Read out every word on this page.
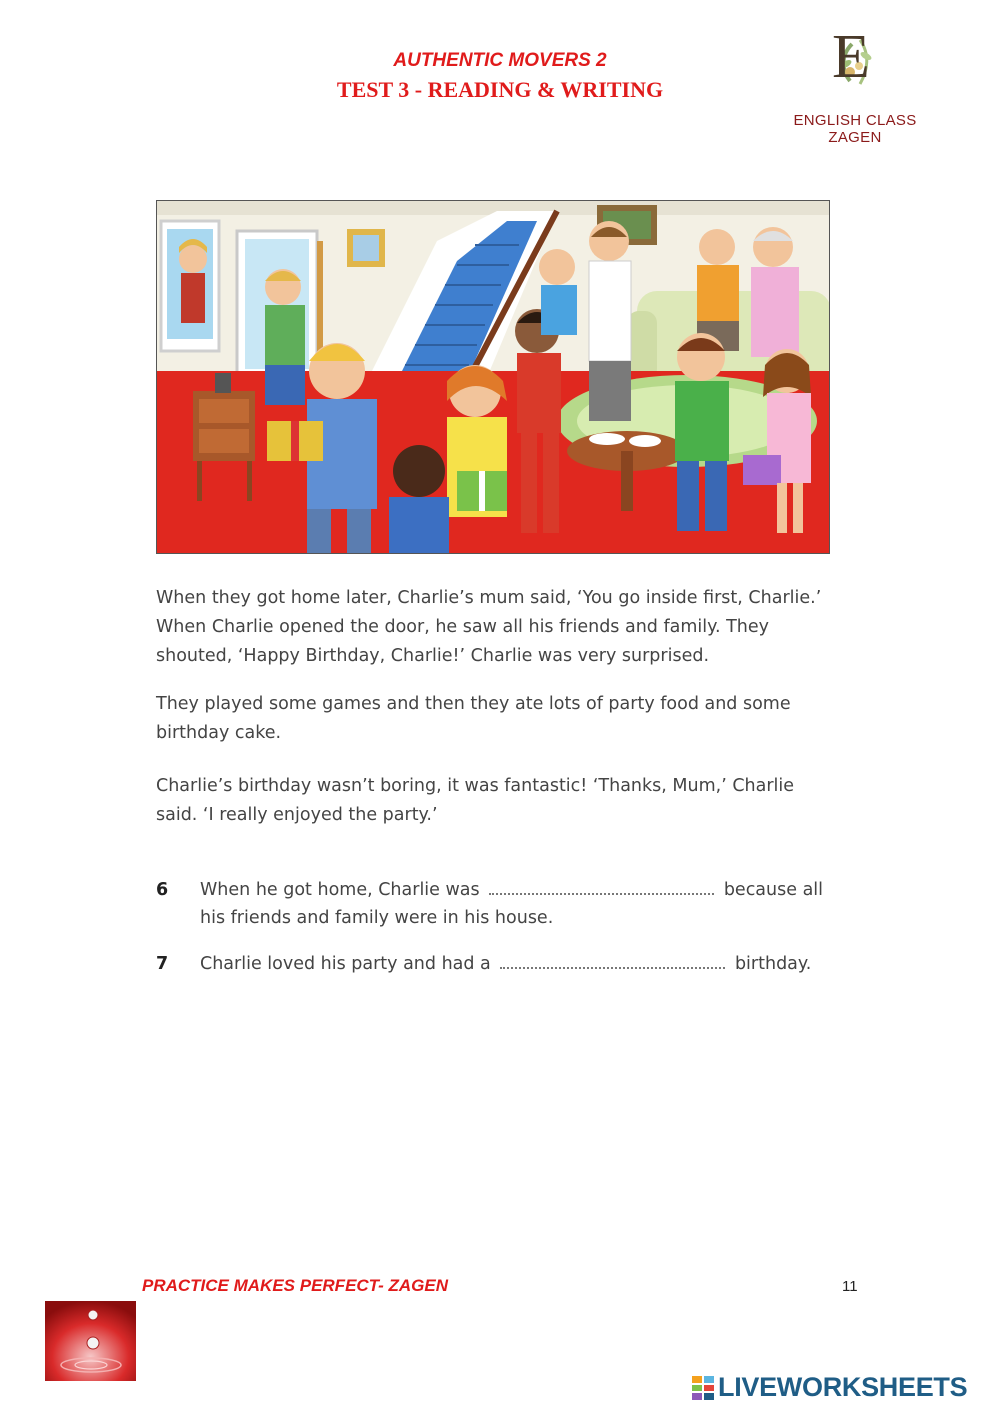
AUTHENTIC MOVERS 2
TEST 3 - READING & WRITING	E
ENGLISH CLASS ZAGEN

When they got home later, Charlie’s mum said, ‘You go inside first, Charlie.’ When Charlie opened the door, he saw all his friends and family. They shouted, ‘Happy Birthday, Charlie!’ Charlie was very surprised.

They played some games and then they ate lots of party food and some birthday cake.

Charlie’s birthday wasn’t boring, it was fantastic! ‘Thanks, Mum,’ Charlie said. ‘I really enjoyed the party.’

6 When he got home, Charlie was	because all his friends and family were in his house.
7 Charlie loved his party and had a	birthday.
PRACTICE MAKES PERFECT- ZAGEN	11
LIVEWORKSHEETS
